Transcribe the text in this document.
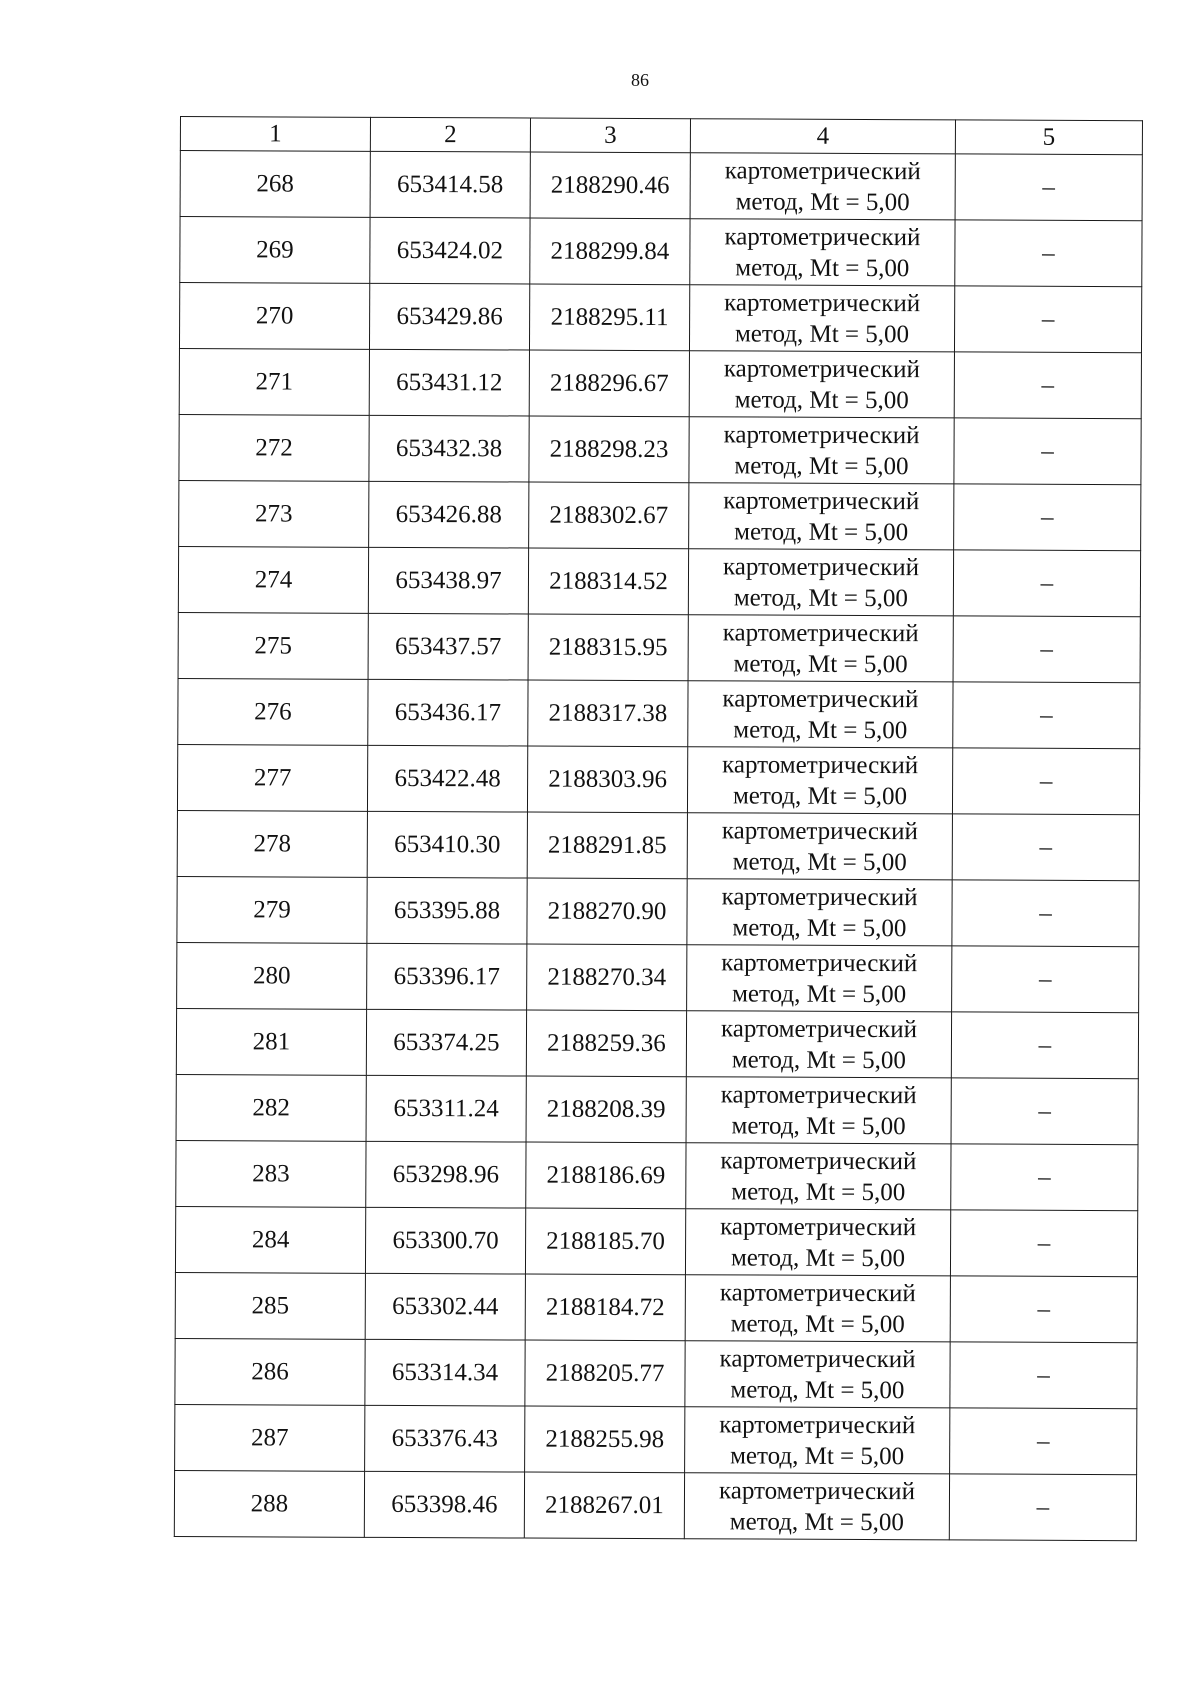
86
1	2	3	4	5
268	653414.58	2188290.46	картометрический
метод, Mt = 5,00	–
269	653424.02	2188299.84	картометрический
метод, Mt = 5,00	–
270	653429.86	2188295.11	картометрический
метод, Mt = 5,00	–
271	653431.12	2188296.67	картометрический
метод, Mt = 5,00	–
272	653432.38	2188298.23	картометрический
метод, Mt = 5,00	–
273	653426.88	2188302.67	картометрический
метод, Mt = 5,00	–
274	653438.97	2188314.52	картометрический
метод, Mt = 5,00	–
275	653437.57	2188315.95	картометрический
метод, Mt = 5,00	–
276	653436.17	2188317.38	картометрический
метод, Mt = 5,00	–
277	653422.48	2188303.96	картометрический
метод, Mt = 5,00	–
278	653410.30	2188291.85	картометрический
метод, Mt = 5,00	–
279	653395.88	2188270.90	картометрический
метод, Mt = 5,00	–
280	653396.17	2188270.34	картометрический
метод, Mt = 5,00	–
281	653374.25	2188259.36	картометрический
метод, Mt = 5,00	–
282	653311.24	2188208.39	картометрический
метод, Mt = 5,00	–
283	653298.96	2188186.69	картометрический
метод, Mt = 5,00	–
284	653300.70	2188185.70	картометрический
метод, Mt = 5,00	–
285	653302.44	2188184.72	картометрический
метод, Mt = 5,00	–
286	653314.34	2188205.77	картометрический
метод, Mt = 5,00	–
287	653376.43	2188255.98	картометрический
метод, Mt = 5,00	–
288	653398.46	2188267.01	картометрический
метод, Mt = 5,00	–
